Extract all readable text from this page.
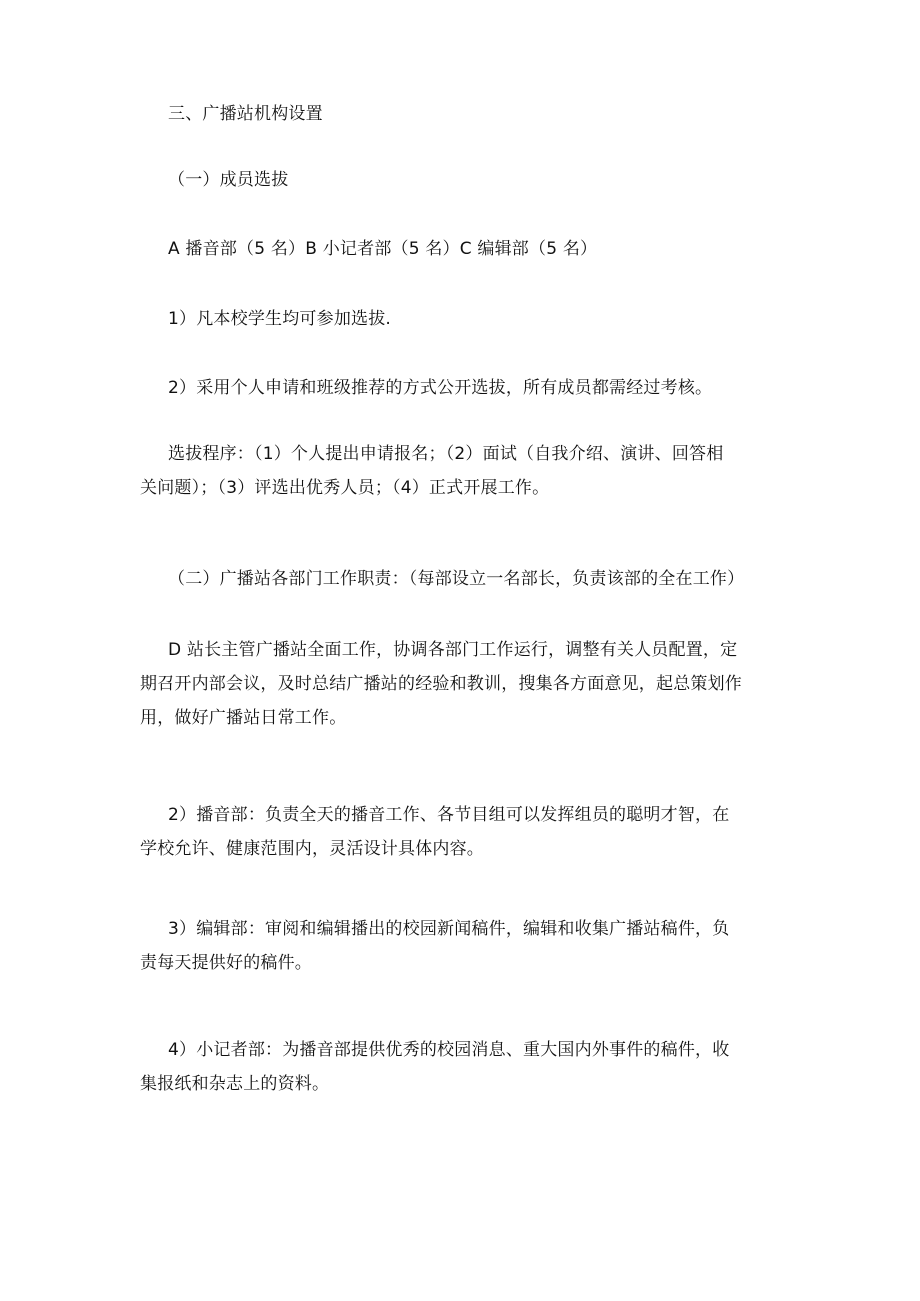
三、广播站机构设置
（一）成员选拔
A 播音部（5 名）B 小记者部（5 名）C 编辑部（5 名）
1）凡本校学生均可参加选拔.
2）采用个人申请和班级推荐的方式公开选拔，所有成员都需经过考核。
选拔程序：（1）个人提出申请报名；（2）面试（自我介绍、演讲、回答相
关问题）；（3）评选出优秀人员；（4）正式开展工作。
（二）广播站各部门工作职责：（每部设立一名部长，负责该部的全在工作）
D 站长主管广播站全面工作，协调各部门工作运行，调整有关人员配置，定
期召开内部会议，及时总结广播站的经验和教训，搜集各方面意见，起总策划作
用，做好广播站日常工作。
2）播音部：负责全天的播音工作、各节目组可以发挥组员的聪明才智，在
学校允许、健康范围内，灵活设计具体内容。
3）编辑部：审阅和编辑播出的校园新闻稿件，编辑和收集广播站稿件，负
责每天提供好的稿件。
4）小记者部：为播音部提供优秀的校园消息、重大国内外事件的稿件，收
集报纸和杂志上的资料。
